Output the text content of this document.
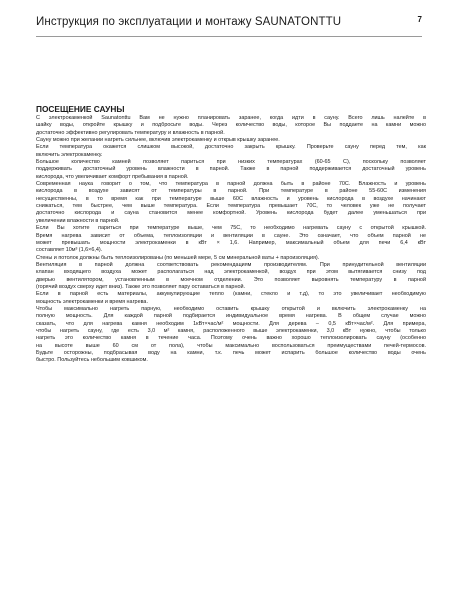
Инструкция по эксплуатации и монтажу SAUNATONTTU	7
ПОСЕЩЕНИЕ САУНЫ
С электрокаменкой Saunatonttu Вам не нужно планировать заранее, когда идти в сауну. Всего лишь налейте в
шайку воды, откройте крышку и подбросьте воды. Через количество воды, которое Вы поддаете на камни можно
достаточно эффективно регулировать температуру и влажность в парной.
Сауну можно при желании нагреть сильнее, включив электрокаменку и открыв крышку заранее.
Если температура окажется слишком высокой, достаточно закрыть крышку. Проверьте сауну перед тем, как
включить электрокаменку.
Большое количество камней позволяет париться при низких температурах (60-65 С), поскольку позволяет
поддерживать достаточный уровень влажности в парной. Также в парной поддерживается достаточный уровень
кислорода, что увеличивает комфорт пребывания в парной.
Современная наука говорит о том, что температура в парной должна быть в районе 70С. Влажность и уровень
кислорода в воздухе зависят от температуры в парной. При температуре в районе 55-60С изменения
несущественны, в то время как при температуре выше 60С влажность и уровень кислорода в воздухе начинают
снижаться, тем быстрее, чем выше температура. Если температура превышает 70С, то человек уже не получает
достаточно кислорода и сауна становится менее комфортной. Уровень кислорода будет далее уменьшаться при
увеличении влажности в парной.
Если Вы хотите париться при температуре выше, чем 75С, то необходимо нагревать сауну с открытой крышкой.
Время нагрева зависит от объема, теплоизоляции и вентиляции в сауне. Это означает, что объем парной не
может превышать мощности электрокаменки в кВт × 1,6. Например, максимальный объем для печи 6,4 кВт
составляет 10м³ (1,6×6,4).
Стены и потолок должны быть теплоизолированы (по меньшей мере, 5 см минеральной ваты + пароизоляция).
Вентиляция в парной должна соответствовать рекомендациям производителям. При принудительной вентиляции
клапан входящего воздуха может располагаться над электрокаменкой, воздух при этом вытягивается снизу под
дверью вентилятором, установленным в моечном отделении. Это позволяет выровнять температуру в парной
(горячий воздух сверху идет вниз). Также это позволяет пару оставаться в парной.
Если в парной есть материалы, аккумулирующие тепло (камни, стекло и т.д), то это увеличивает необходимую
мощность электрокаменки и время нагрева.
Чтобы максимально нагреть парную, необходимо оставить крышку открытой и включить электрокаменку на
полную мощность. Для каждой парной подбирается индивидуальное время нагрева. В общем случае можно
сказать, что для нагрева камня необходим 1кВт×час/м² мощности. Для дерева – 0,5 кВт×час/м². Для примера,
чтобы нагреть сауну, где есть 3,0 м² камня, расположенного выше электрокаменки, 3,0 кВт нужно, чтобы только
нагреть это количество камня в течение часа. Поэтому очень важно хорошо теплоизолировать сауну (особенно
на высоте выше 60 см от пола), чтобы максимально воспользоваться преимуществами печей-термосов.
Будьте осторожны, подбрасывая воду на камни, т.к. печь может испарить большое количество воды очень
быстро. Пользуйтесь небольшим ковшиком.
